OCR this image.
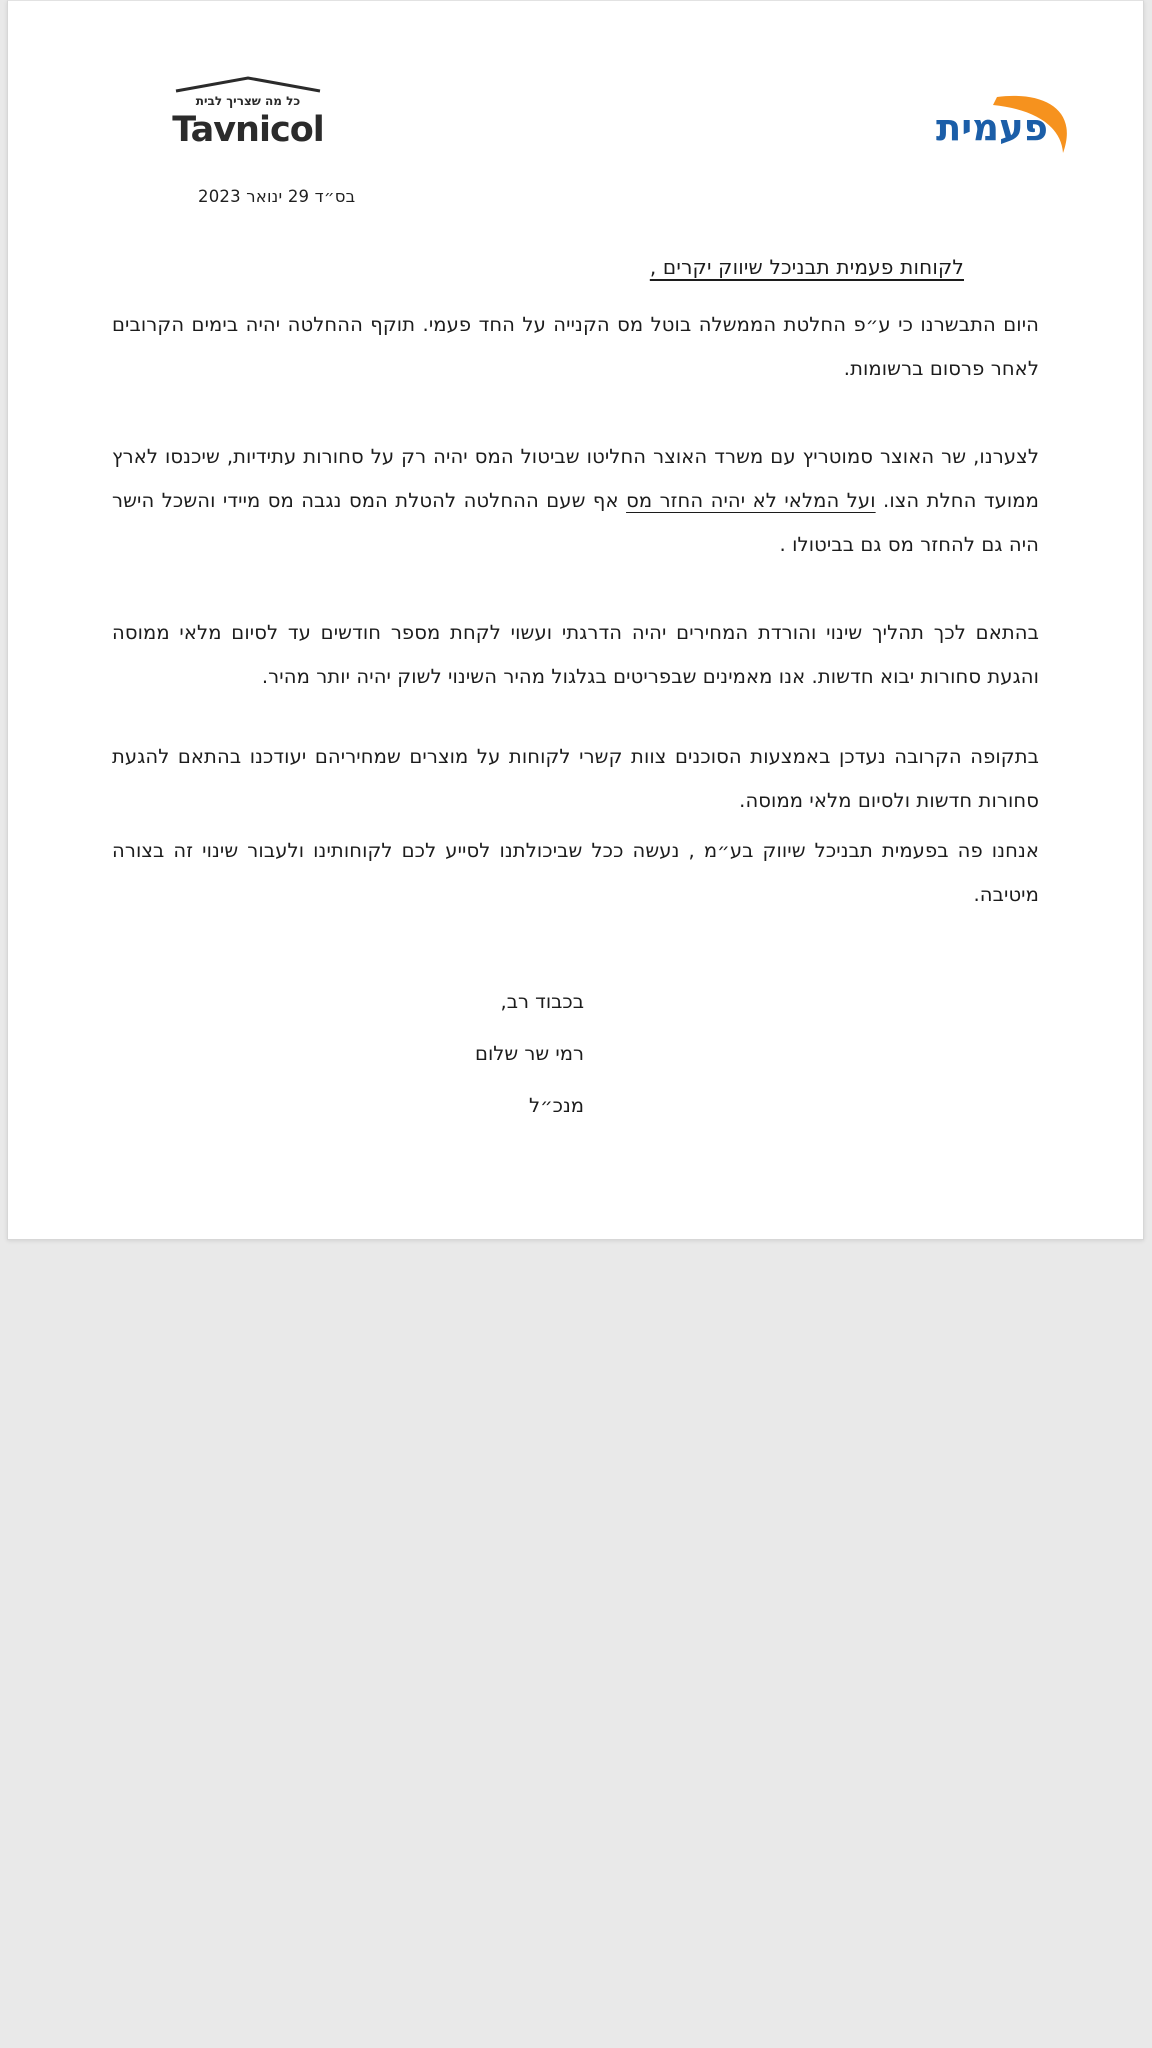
כל מה שצריך לבית
Tavnicol	פעמית
בס״ד 29 ינואר 2023
לקוחות פעמית תבניכל שיווק יקרים ,

היום התבשרנו כי ע״פ החלטת הממשלה בוטל מס הקנייה על החד פעמי. תוקף ההחלטה יהיה בימים הקרובים לאחר פרסום ברשומות.

לצערנו, שר האוצר סמוטריץ עם משרד האוצר החליטו שביטול המס יהיה רק על סחורות עתידיות, שיכנסו לארץ ממועד החלת הצו. ועל המלאי לא יהיה החזר מס אף שעם ההחלטה להטלת המס נגבה מס מיידי והשכל הישר היה גם להחזר מס גם בביטולו .

בהתאם לכך תהליך שינוי והורדת המחירים יהיה הדרגתי ועשוי לקחת מספר חודשים עד לסיום מלאי ממוסה והגעת סחורות יבוא חדשות. אנו מאמינים שבפריטים בגלגול מהיר השינוי לשוק יהיה יותר מהיר.

בתקופה הקרובה נעדכן באמצעות הסוכנים צוות קשרי לקוחות על מוצרים שמחיריהם יעודכנו בהתאם להגעת סחורות חדשות ולסיום מלאי ממוסה.

אנחנו פה בפעמית תבניכל שיווק בע״מ , נעשה ככל שביכולתנו לסייע לכם לקוחותינו ולעבור שינוי זה בצורה מיטיבה.

בכבוד רב,
רמי שר שלום
מנכ״ל
